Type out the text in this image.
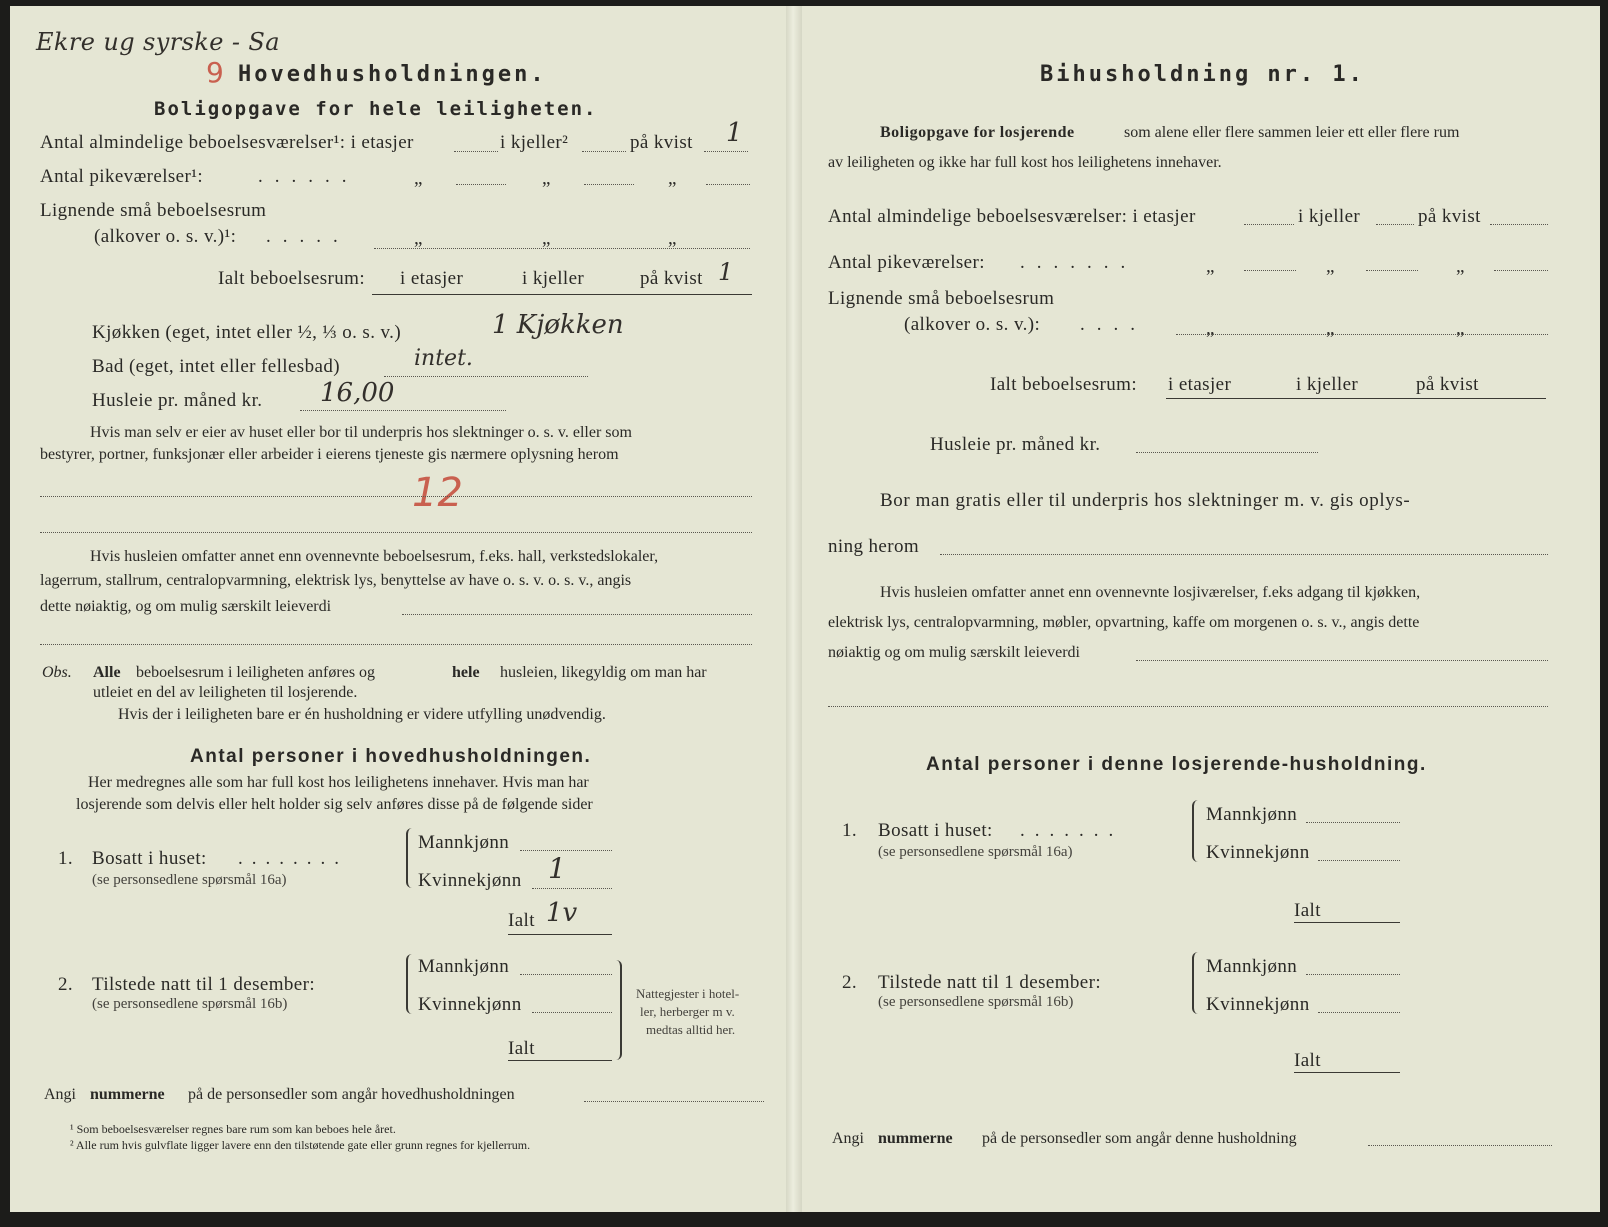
Ekre ug syrske - Sa
9 Hovedhusholdningen.
Boligopgave for hele leiligheten.
Antal almindelige beboelsesværelser¹: i etasjer	i kjeller²	på kvist 1
Antal pikeværelser¹:	......	„	„	„
Lignende små beboelsesrum
(alkover o. s. v.)¹: .....	„	„	„
Ialt beboelsesrum: i etasjer	i kjeller	på kvist 1
Kjøkken (eget, intet eller ½, ⅓ o. s. v.)	1 Kjøkken
Bad (eget, intet eller fellesbad)	intet.
Husleie pr. måned kr. 16,00
Hvis man selv er eier av huset eller bor til underpris hos slektninger o. s. v. eller som
bestyrer, portner, funksjonær eller arbeider i eierens tjeneste gis nærmere oplysning herom
12
Hvis husleien omfatter annet enn ovennevnte beboelsesrum, f.eks. hall, verkstedslokaler,
lagerrum, stallrum, centralopvarmning, elektrisk lys, benyttelse av have o. s. v. o. s. v., angis
dette nøiaktig, og om mulig særskilt leieverdi
Obs. Alle beboelsesrum i leiligheten anføres og	hele husleien, likegyldig om man har
utleiet en del av leiligheten til losjerende.
Hvis der i leiligheten bare er én husholdning er videre utfylling unødvendig.
Antal personer i hovedhusholdningen.
Her medregnes alle som har full kost hos leilighetens innehaver. Hvis man har
losjerende som delvis eller helt holder sig selv anføres disse på de følgende sider
1. Bosatt i huset: ........
(se personsedlene spørsmål 16a)
Mannkjønn
Kvinnekjønn 1
Ialt 1v
2. Tilstede natt til 1 desember:
(se personsedlene spørsmål 16b)
Mannkjønn
Kvinnekjønn
Ialt
Nattegjester i hotel-
ler, herberger m v.
medtas alltid her.
Angi nummerne på de personsedler som angår hovedhusholdningen
¹ Som beboelsesværelser regnes bare rum som kan beboes hele året.
² Alle rum hvis gulvflate ligger lavere enn den tilstøtende gate eller grunn regnes for kjellerrum.
Bihusholdning nr. 1.
Boligopgave for losjerende	som alene eller flere sammen leier ett eller flere rum
av leiligheten og ikke har full kost hos leilighetens innehaver.
Antal almindelige beboelsesværelser: i etasjer	i kjeller	på kvist
Antal pikeværelser: .......	„	„	„
Lignende små beboelsesrum
(alkover o. s. v.): ....	„	„	„
Ialt beboelsesrum: i etasjer	i kjeller	på kvist
Husleie pr. måned kr.
Bor man gratis eller til underpris hos slektninger m. v. gis oplys-
ning herom
Hvis husleien omfatter annet enn ovennevnte losjiværelser, f.eks adgang til kjøkken,
elektrisk lys, centralopvarmning, møbler, opvartning, kaffe om morgenen o. s. v., angis dette
nøiaktig og om mulig særskilt leieverdi
Antal personer i denne losjerende-husholdning.
1. Bosatt i huset: .......
(se personsedlene spørsmål 16a)
Mannkjønn
Kvinnekjønn
Ialt
2. Tilstede natt til 1 desember:
(se personsedlene spørsmål 16b)
Mannkjønn
Kvinnekjønn
Ialt
Angi nummerne på de personsedler som angår denne husholdning
